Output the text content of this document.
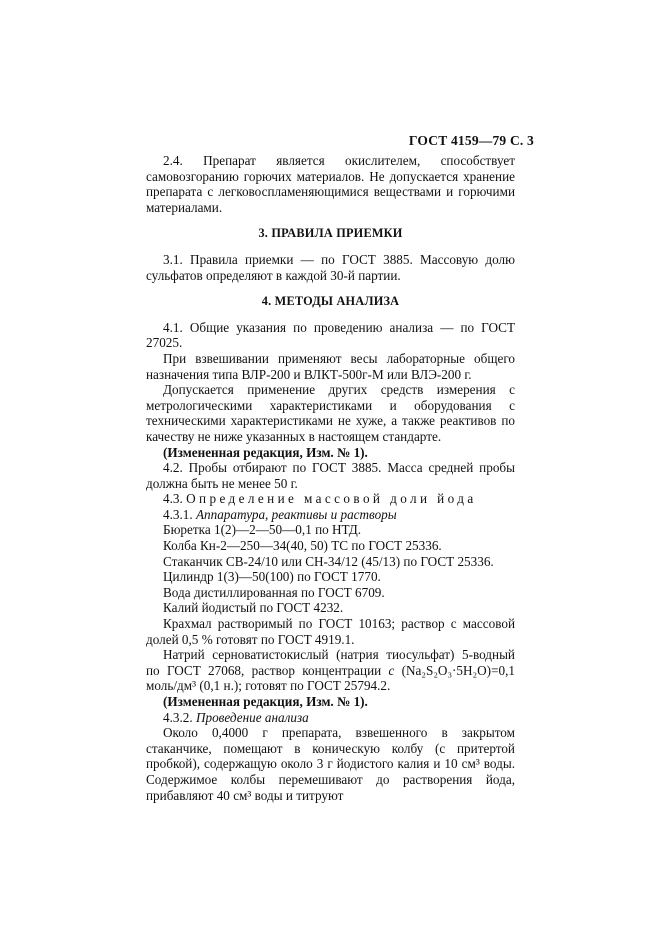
ГОСТ 4159—79 С. 3

2.4. Препарат является окислителем, способствует самовозгоранию горючих материалов. Не допускается хранение препарата с легковоспламеняющимися веществами и горючими материалами.

3. ПРАВИЛА ПРИЕМКИ

3.1. Правила приемки — по ГОСТ 3885. Массовую долю сульфатов определяют в каждой 30-й партии.

4. МЕТОДЫ АНАЛИЗА

4.1. Общие указания по проведению анализа — по ГОСТ 27025.

При взвешивании применяют весы лабораторные общего назначения типа ВЛР-200 и ВЛКТ-500г-М или ВЛЭ-200 г.

Допускается применение других средств измерения с метрологическими характеристиками и оборудования с техническими характеристиками не хуже, а также реактивов по качеству не ниже указанных в настоящем стандарте.

(Измененная редакция, Изм. № 1).

4.2. Пробы отбирают по ГОСТ 3885. Масса средней пробы должна быть не менее 50 г.

4.3. Определение массовой доли йода

4.3.1. Аппаратура, реактивы и растворы

Бюретка 1(2)—2—50—0,1 по НТД.

Колба Кн-2—250—34(40, 50) ТС по ГОСТ 25336.

Стаканчик СВ-24/10 или СН-34/12 (45/13) по ГОСТ 25336.

Цилиндр 1(3)—50(100) по ГОСТ 1770.

Вода дистиллированная по ГОСТ 6709.

Калий йодистый по ГОСТ 4232.

Крахмал растворимый по ГОСТ 10163; раствор с массовой долей 0,5 % готовят по ГОСТ 4919.1.

Натрий серноватистокислый (натрия тиосульфат) 5-водный по ГОСТ 27068, раствор концентрации c (Na₂S₂O₃·5H₂O)=0,1 моль/дм³ (0,1 н.); готовят по ГОСТ 25794.2.

(Измененная редакция, Изм. № 1).

4.3.2. Проведение анализа

Около 0,4000 г препарата, взвешенного в закрытом стаканчике, помещают в коническую колбу (с притертой пробкой), содержащую около 3 г йодистого калия и 10 см³ воды. Содержимое колбы перемешивают до растворения йода, прибавляют 40 см³ воды и титруют
